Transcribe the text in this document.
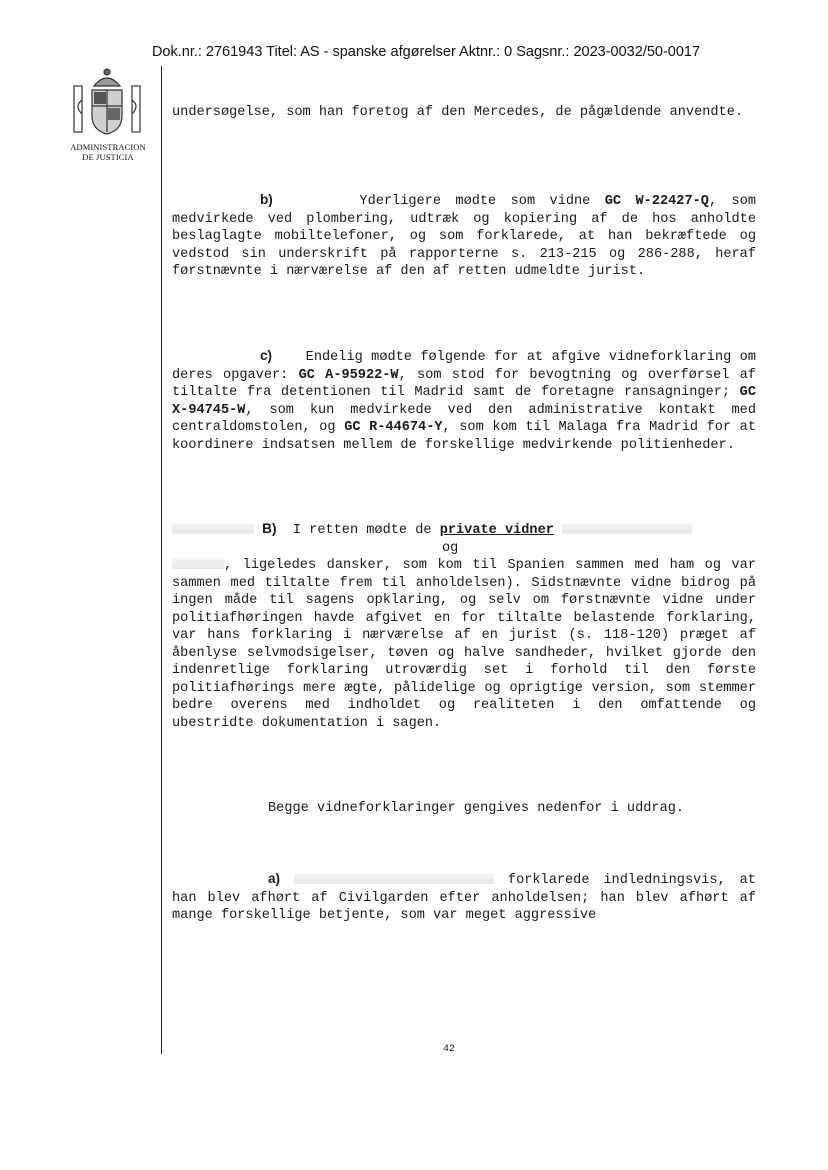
Dok.nr.: 2761943 Titel: AS - spanske afgørelser Aktnr.: 0 Sagsnr.: 2023-0032/50-0017
ADMINISTRACION
DE JUSTICIA

undersøgelse, som han foretog af den Mercedes, de pågældende anvendte.

b)	Yderligere mødte som vidne GC W-22427-Q, som medvirkede ved plombering, udtræk og kopiering af de hos anholdte beslaglagte mobiltelefoner, og som forklarede, at han bekræftede og vedstod sin underskrift på rapporterne s. 213-215 og 286-288, heraf førstnævnte i nærværelse af den af retten udmeldte jurist.

c) Endelig mødte følgende for at afgive vidneforklaring om deres opgaver: GC A-95922-W, som stod for bevogtning og overførsel af tiltalte fra detentionen til Madrid samt de foretagne ransagninger; GC X-94745-W, som kun medvirkede ved den administrative kontakt med centraldomstolen, og GC R-44674-Y, som kom til Malaga fra Madrid for at koordinere indsatsen mellem de forskellige medvirkende politienheder.

B) I retten mødte de private vidner
og
, ligeledes dansker, som kom til Spanien sammen med ham og var sammen med tiltalte frem til anholdelsen). Sidstnævnte vidne bidrog på ingen måde til sagens opklaring, og selv om førstnævnte vidne under politiafhøringen havde afgivet en for tiltalte belastende forklaring, var hans forklaring i nærværelse af en jurist (s. 118-120) præget af åbenlyse selvmodsigelser, tøven og halve sandheder, hvilket gjorde den indenretlige forklaring utroværdig set i forhold til den første politiafhørings mere ægte, pålidelige og oprigtige version, som stemmer bedre overens med indholdet og realiteten i den omfattende og ubestridte dokumentation i sagen.

Begge vidneforklaringer gengives nedenfor i uddrag.

a)	forklarede indledningsvis, at han blev afhørt af Civilgarden efter anholdelsen; han blev afhørt af mange forskellige betjente, som var meget aggressive

42
